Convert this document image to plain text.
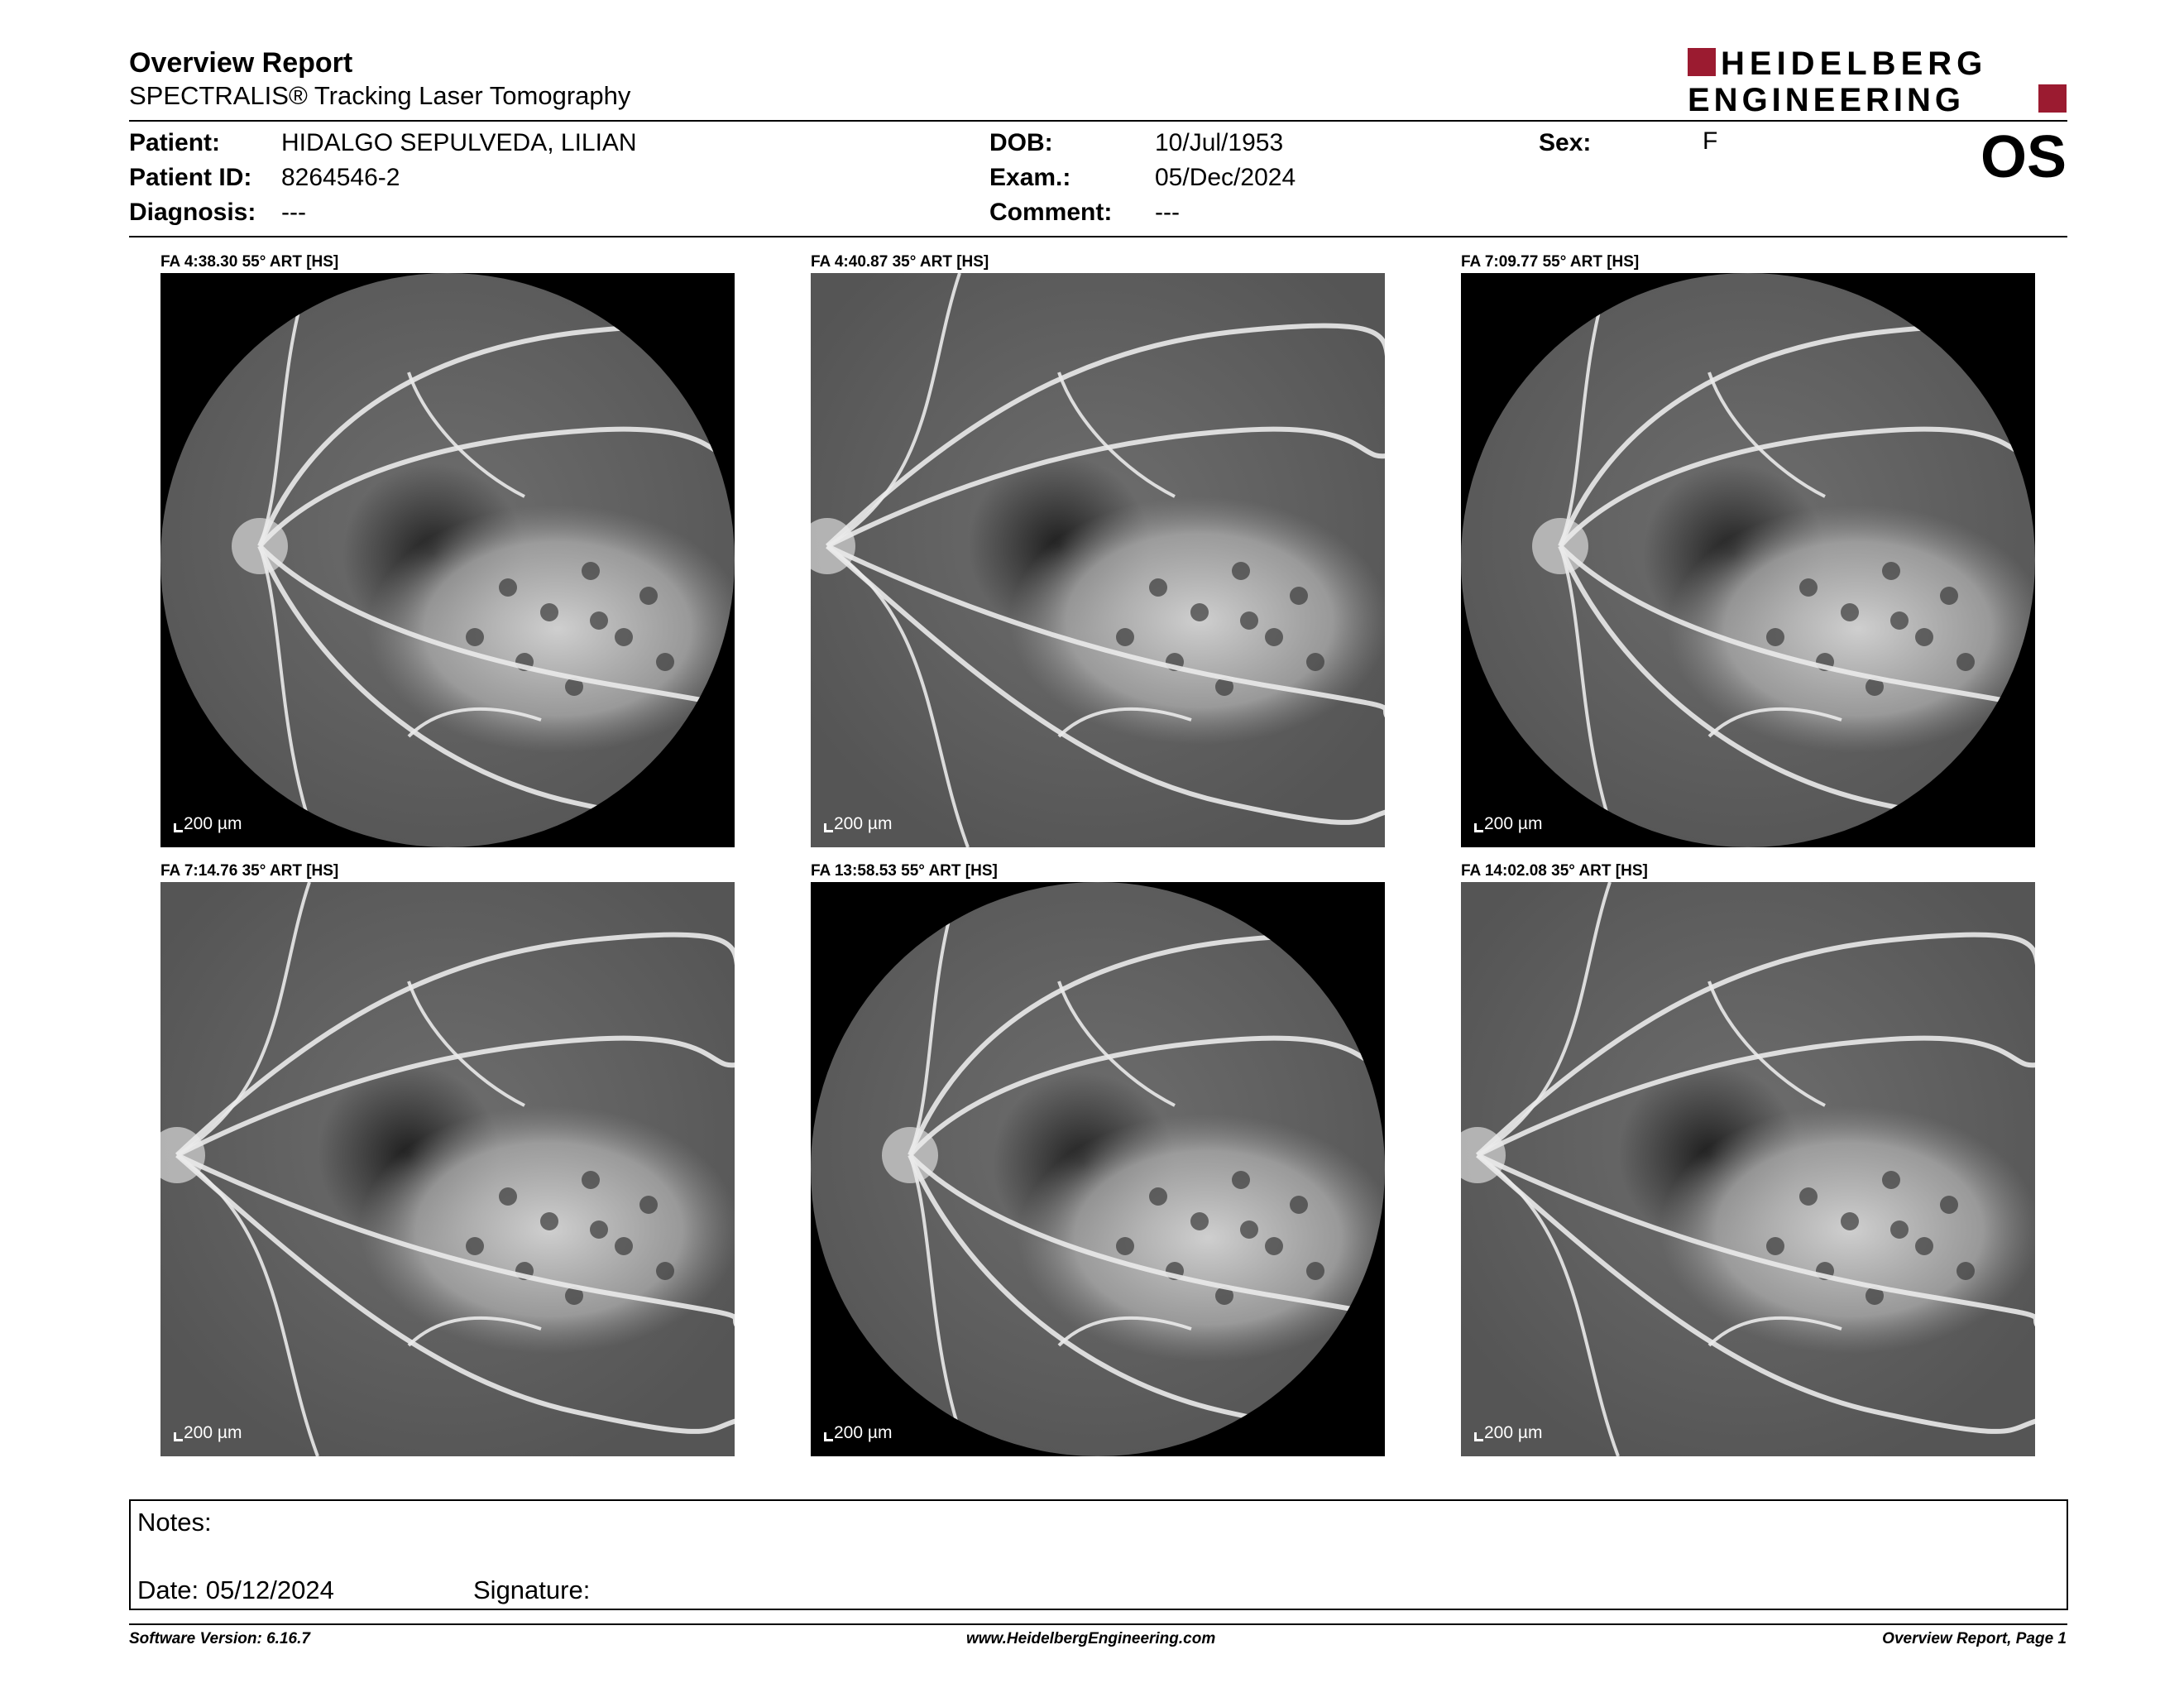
Overview Report
SPECTRALIS® Tracking Laser Tomography
HEIDELBERG
ENGINEERING
Patient: HIDALGO SEPULVEDA, LILIAN
Patient ID: 8264546-2
Diagnosis: ---
DOB:	10/Jul/1953
Exam.:	05/Dec/2024
Comment: ---
Sex:	F	OS
FA 4:38.30 55° ART [HS]
200 µm
FA 4:40.87 35° ART [HS]
200 µm
FA 7:09.77 55° ART [HS]
200 µm
FA 7:14.76 35° ART [HS]
200 µm
FA 13:58.53 55° ART [HS]
200 µm
FA 14:02.08 35° ART [HS]
200 µm
Notes:
Date: 05/12/2024	Signature:
Software Version: 6.16.7	www.HeidelbergEngineering.com	Overview Report, Page 1
